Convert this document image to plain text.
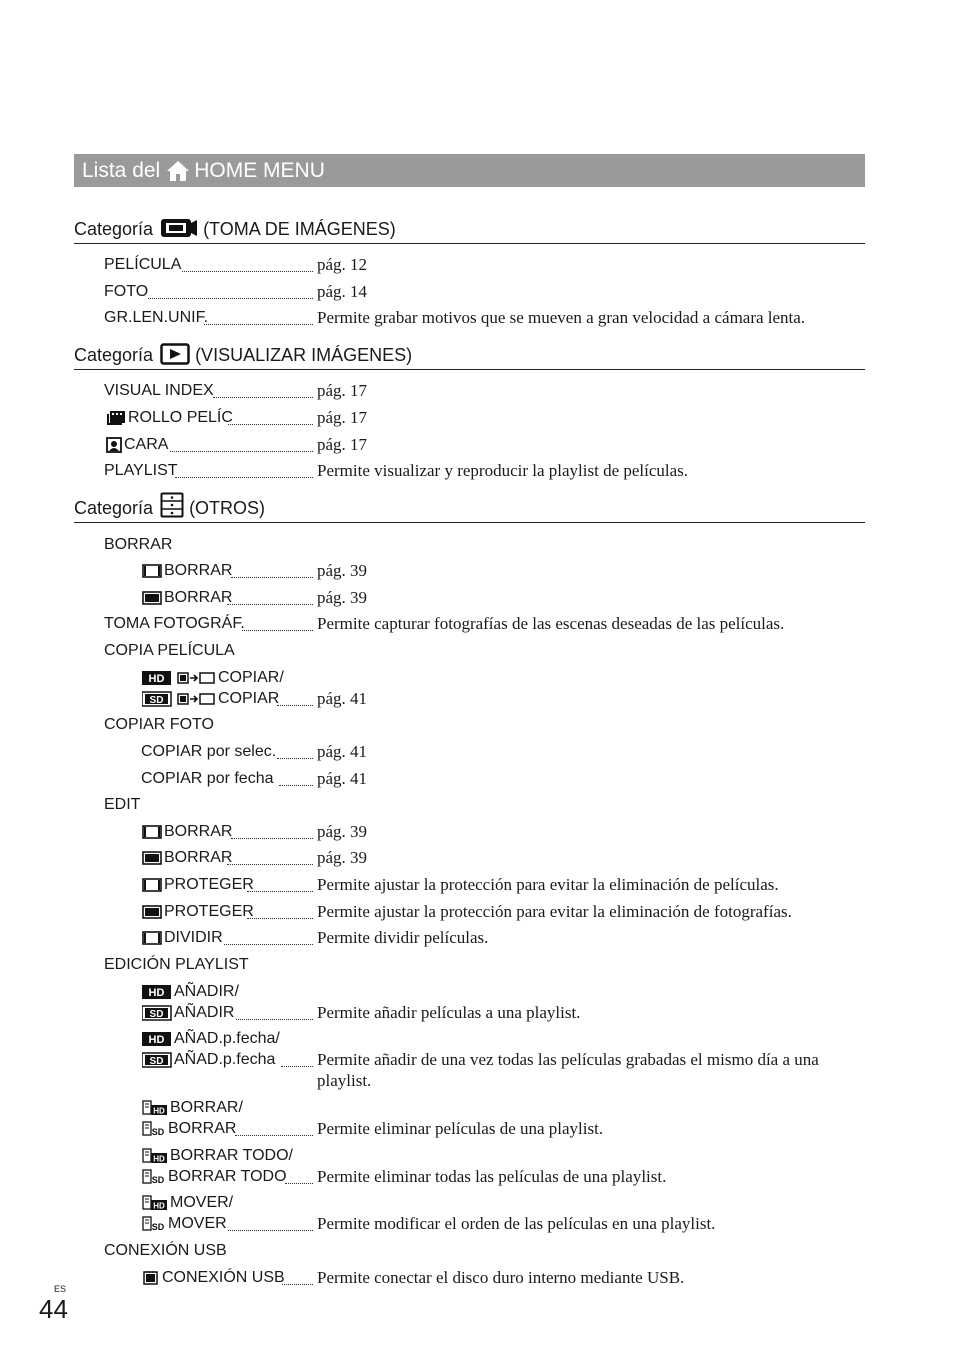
Lista del HOME MENU
Categoría	(TOMA DE IMÁGENES)
PELÍCULA	pág. 12
FOTO	pág. 14
GR.LEN.UNIF.	Permite grabar motivos que se mueven a gran velocidad a cámara lenta.
Categoría (VISUALIZAR IMÁGENES)
VISUAL INDEX	pág. 17
ROLLO PELÍC	pág. 17
CARA	pág. 17
PLAYLIST	Permite visualizar y reproducir la playlist de películas.
Categoría (OTROS)
BORRAR
BORRAR	pág. 39
BORRAR	pág. 39
TOMA FOTOGRÁF.	Permite capturar fotografías de las escenas deseadas de las películas.
COPIA PELÍCULA
HD	COPIAR/
SD	COPIAR pág. 41
COPIAR FOTO
COPIAR por selec. pág. 41
COPIAR por fecha	pág. 41
EDIT
BORRAR	pág. 39
BORRAR	pág. 39
PROTEGER	Permite ajustar la protección para evitar la eliminación de películas.
PROTEGER	Permite ajustar la protección para evitar la eliminación de fotografías.
DIVIDIR	Permite dividir películas.
EDICIÓN PLAYLIST
HD AÑADIR/
SD AÑADIR	Permite añadir películas a una playlist.
HD AÑAD.p.fecha/
SD AÑAD.p.fecha Permite añadir de una vez todas las películas grabadas el mismo día a una playlist.
HD BORRAR/
SD BORRAR	Permite eliminar películas de una playlist.
HD BORRAR TODO/
SD BORRAR TODO Permite eliminar todas las películas de una playlist.
HD MOVER/
SD MOVER	Permite modificar el orden de las películas en una playlist.
CONEXIÓN USB
CONEXIÓN USB Permite conectar el disco duro interno mediante USB.
ES
44
